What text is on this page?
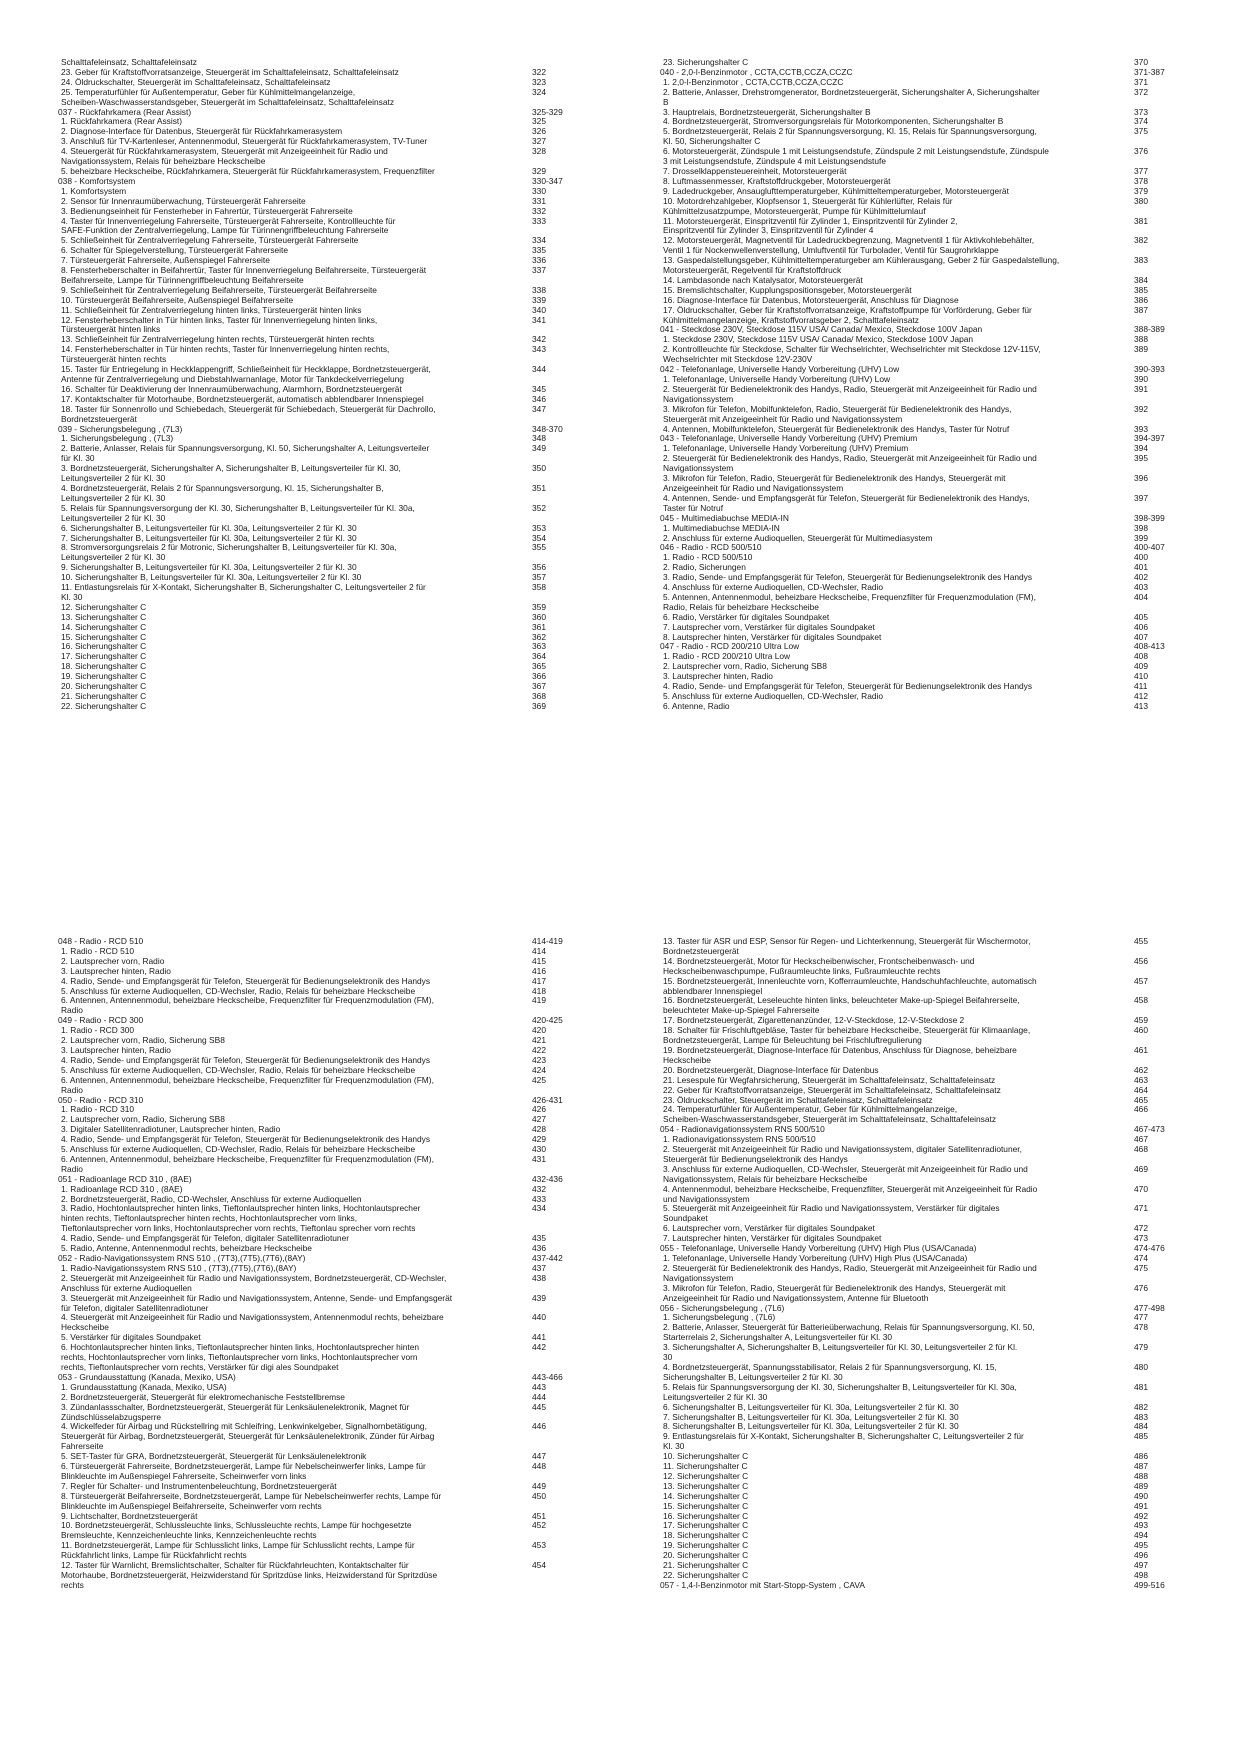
Schalttafeleinsatz, Schalttafeleinsatz
23. Geber für Kraftstoffvorratsanzeige, Steuergerät im Schalttafeleinsatz, Schalttafeleinsatz	322
24. Öldruckschalter, Steuergerät im Schalttafeleinsatz, Schalttafeleinsatz	323
25. Temperaturfühler für Außentemperatur, Geber für Kühlmittelmangelanzeige,	324
Scheiben-Waschwasserstandsgeber, Steuergerät im Schalttafeleinsatz, Schalttafeleinsatz
037 - Rückfahrkamera (Rear Assist)	325-329
1. Rückfahrkamera (Rear Assist)	325
2. Diagnose-Interface für Datenbus, Steuergerät für Rückfahrkamerasystem	326
3. Anschluß für TV-Kartenleser, Antennenmodul, Steuergerät für Rückfahrkamerasystem, TV-Tuner	327
4. Steuergerät für Rückfahrkamerasystem, Steuergerät mit Anzeigeeinheit für Radio und	328
Navigationssystem, Relais für beheizbare Heckscheibe
5. beheizbare Heckscheibe, Rückfahrkamera, Steuergerät für Rückfahrkamerasystem, Frequenzfilter	329
038 - Komfortsystem	330-347
1. Komfortsystem	330
2. Sensor für Innenraumüberwachung, Türsteuergerät Fahrerseite	331
3. Bedienungseinheit für Fensterheber in Fahrertür, Türsteuergerät Fahrerseite	332
4. Taster für Innenverriegelung Fahrerseite, Türsteuergerät Fahrerseite, Kontrollleuchte für	333
SAFE-Funktion der Zentralverriegelung, Lampe für Türinnengriffbeleuchtung Fahrerseite
5. Schließeinheit für Zentralverriegelung Fahrerseite, Türsteuergerät Fahrerseite	334
6. Schalter für Spiegelverstellung, Türsteuergerät Fahrerseite	335
7. Türsteuergerät Fahrerseite, Außenspiegel Fahrerseite	336
8. Fensterheberschalter in Beifahrertür, Taster für Innenverriegelung Beifahrerseite, Türsteuergerät	337
Beifahrerseite, Lampe für Türinnengriffbeleuchtung Beifahrerseite
9. Schließeinheit für Zentralverriegelung Beifahrerseite, Türsteuergerät Beifahrerseite	338
10. Türsteuergerät Beifahrerseite, Außenspiegel Beifahrerseite	339
11. Schließeinheit für Zentralverriegelung hinten links, Türsteuergerät hinten links	340
12. Fensterheberschalter in Tür hinten links, Taster für Innenverriegelung hinten links,	341
Türsteuergerät hinten links
13. Schließeinheit für Zentralverriegelung hinten rechts, Türsteuergerät hinten rechts	342
14. Fensterheberschalter in Tür hinten rechts, Taster für Innenverriegelung hinten rechts,	343
Türsteuergerät hinten rechts
15. Taster für Entriegelung in Heckklappengriff, Schließeinheit für Heckklappe, Bordnetzsteuergerät,	344
Antenne für Zentralverriegelung und Diebstahlwarnanlage, Motor für Tankdeckelverriegelung
16. Schalter für Deaktivierung der Innenraumüberwachung, Alarmhorn, Bordnetzsteuergerät	345
17. Kontaktschalter für Motorhaube, Bordnetzsteuergerät, automatisch abblendbarer Innenspiegel	346
18. Taster für Sonnenrollo und Schiebedach, Steuergerät für Schiebedach, Steuergerät für Dachrollo,	347
Bordnetzsteuergerät
039 - Sicherungsbelegung , (7L3)	348-370
1. Sicherungsbelegung , (7L3)	348
2. Batterie, Anlasser, Relais für Spannungsversorgung, Kl. 50, Sicherungshalter A, Leitungsverteiler	349
für Kl. 30
3. Bordnetzsteuergerät, Sicherungshalter A, Sicherungshalter B, Leitungsverteiler für Kl. 30,	350
Leitungsverteiler 2 für Kl. 30
4. Bordnetzsteuergerät, Relais 2 für Spannungsversorgung, Kl. 15, Sicherungshalter B,	351
Leitungsverteiler 2 für Kl. 30
5. Relais für Spannungsversorgung der Kl. 30, Sicherungshalter B, Leitungsverteiler für Kl. 30a,	352
Leitungsverteiler 2 für Kl. 30
6. Sicherungshalter B, Leitungsverteiler für Kl. 30a, Leitungsverteiler 2 für Kl. 30	353
7. Sicherungshalter B, Leitungsverteiler für Kl. 30a, Leitungsverteiler 2 für Kl. 30	354
8. Stromversorgungsrelais 2 für Motronic, Sicherungshalter B, Leitungsverteiler für Kl. 30a,	355
Leitungsverteiler 2 für Kl. 30
9. Sicherungshalter B, Leitungsverteiler für Kl. 30a, Leitungsverteiler 2 für Kl. 30	356
10. Sicherungshalter B, Leitungsverteiler für Kl. 30a, Leitungsverteiler 2 für Kl. 30	357
11. Entlastungsrelais für X-Kontakt, Sicherungshalter B, Sicherungshalter C, Leitungsverteiler 2 für	358
Kl. 30
12. Sicherungshalter C	359
13. Sicherungshalter C	360
14. Sicherungshalter C	361
15. Sicherungshalter C	362
16. Sicherungshalter C	363
17. Sicherungshalter C	364
18. Sicherungshalter C	365
19. Sicherungshalter C	366
20. Sicherungshalter C	367
21. Sicherungshalter C	368
22. Sicherungshalter C	369
23. Sicherungshalter C	370
040 - 2,0-l-Benzinmotor , CCTA,CCTB,CCZA,CCZC	371-387
1. 2,0-l-Benzinmotor , CCTA,CCTB,CCZA,CCZC	371
2. Batterie, Anlasser, Drehstromgenerator, Bordnetzsteuergerät, Sicherungshalter A, Sicherungshalter	372
B
3. Hauptrelais, Bordnetzsteuergerät, Sicherungshalter B	373
4. Bordnetzsteuergerät, Stromversorgungsrelais für Motorkomponenten, Sicherungshalter B	374
5. Bordnetzsteuergerät, Relais 2 für Spannungsversorgung, Kl. 15, Relais für Spannungsversorgung,	375
Kl. 50, Sicherungshalter C
6. Motorsteuergerät, Zündspule 1 mit Leistungsendstufe, Zündspule 2 mit Leistungsendstufe, Zündspule	376
3 mit Leistungsendstufe, Zündspule 4 mit Leistungsendstufe
7. Drosselklappensteuereinheit, Motorsteuergerät	377
8. Luftmassenmesser, Kraftstoffdruckgeber, Motorsteuergerät	378
9. Ladedruckgeber, Ansauglufttemperaturgeber, Kühlmitteltemperaturgeber, Motorsteuergerät	379
10. Motordrehzahlgeber, Klopfsensor 1, Steuergerät für Kühlerlüfter, Relais für	380
Kühlmittelzusatzpumpe, Motorsteuergerät, Pumpe für Kühlmittelumlauf
11. Motorsteuergerät, Einspritzventil für Zylinder 1, Einspritzventil für Zylinder 2,	381
Einspritzventil für Zylinder 3, Einspritzventil für Zylinder 4
12. Motorsteuergerät, Magnetventil für Ladedruckbegrenzung, Magnetventil 1 für Aktivkohlebehälter,	382
Ventil 1 für Nockenwellenverstellung, Umluftventil für Turbolader, Ventil für Saugrohrklappe
13. Gaspedalstellungsgeber, Kühlmitteltemperaturgeber am Kühlerausgang, Geber 2 für Gaspedalstellung,	383
Motorsteuergerät, Regelventil für Kraftstoffdruck
14. Lambdasonde nach Katalysator, Motorsteuergerät	384
15. Bremslichtschalter, Kupplungspositionsgeber, Motorsteuergerät	385
16. Diagnose-Interface für Datenbus, Motorsteuergerät, Anschluss für Diagnose	386
17. Öldruckschalter, Geber für Kraftstoffvorratsanzeige, Kraftstoffpumpe für Vorförderung, Geber für	387
Kühlmittelmangelanzeige, Kraftstoffvorratsgeber 2, Schalttafeleinsatz
041 - Steckdose 230V, Steckdose 115V USA/ Canada/ Mexico, Steckdose 100V Japan	388-389
1. Steckdose 230V, Steckdose 115V USA/ Canada/ Mexico, Steckdose 100V Japan	388
2. Kontrollleuchte für Steckdose, Schalter für Wechselrichter, Wechselrichter mit Steckdose 12V-115V,	389
Wechselrichter mit Steckdose 12V-230V
042 - Telefonanlage, Universelle Handy Vorbereitung (UHV) Low	390-393
1. Telefonanlage, Universelle Handy Vorbereitung (UHV) Low	390
2. Steuergerät für Bedienelektronik des Handys, Radio, Steuergerät mit Anzeigeeinheit für Radio und	391
Navigationssystem
3. Mikrofon für Telefon, Mobilfunktelefon, Radio, Steuergerät für Bedienelektronik des Handys,	392
Steuergerät mit Anzeigeeinheit für Radio und Navigationssystem
4. Antennen, Mobilfunktelefon, Steuergerät für Bedienelektronik des Handys, Taster für Notruf	393
043 - Telefonanlage, Universelle Handy Vorbereitung (UHV) Premium	394-397
1. Telefonanlage, Universelle Handy Vorbereitung (UHV) Premium	394
2. Steuergerät für Bedienelektronik des Handys, Radio, Steuergerät mit Anzeigeeinheit für Radio und	395
Navigationssystem
3. Mikrofon für Telefon, Radio, Steuergerät für Bedienelektronik des Handys, Steuergerät mit	396
Anzeigeeinheit für Radio und Navigationssystem
4. Antennen, Sende- und Empfangsgerät für Telefon, Steuergerät für Bedienelektronik des Handys,	397
Taster für Notruf
045 - Multimediabuchse MEDIA-IN	398-399
1. Multimediabuchse MEDIA-IN	398
2. Anschluss für externe Audioquellen, Steuergerät für Multimediasystem	399
046 - Radio - RCD 500/510	400-407
1. Radio - RCD 500/510	400
2. Radio, Sicherungen	401
3. Radio, Sende- und Empfangsgerät für Telefon, Steuergerät für Bedienungselektronik des Handys	402
4. Anschluss für externe Audioquellen, CD-Wechsler, Radio	403
5. Antennen, Antennenmodul, beheizbare Heckscheibe, Frequenzfilter für Frequenzmodulation (FM),	404
Radio, Relais für beheizbare Heckscheibe
6. Radio, Verstärker für digitales Soundpaket	405
7. Lautsprecher vorn, Verstärker für digitales Soundpaket	406
8. Lautsprecher hinten, Verstärker für digitales Soundpaket	407
047 - Radio - RCD 200/210 Ultra Low	408-413
1. Radio - RCD 200/210 Ultra Low	408
2. Lautsprecher vorn, Radio, Sicherung SB8	409
3. Lautsprecher hinten, Radio	410
4. Radio, Sende- und Empfangsgerät für Telefon, Steuergerät für Bedienungselektronik des Handys	411
5. Anschluss für externe Audioquellen, CD-Wechsler, Radio	412
6. Antenne, Radio	413
048 - Radio - RCD 510	414-419
1. Radio - RCD 510	414
2. Lautsprecher vorn, Radio	415
3. Lautsprecher hinten, Radio	416
4. Radio, Sende- und Empfangsgerät für Telefon, Steuergerät für Bedienungselektronik des Handys	417
5. Anschluss für externe Audioquellen, CD-Wechsler, Radio, Relais für beheizbare Heckscheibe	418
6. Antennen, Antennenmodul, beheizbare Heckscheibe, Frequenzfilter für Frequenzmodulation (FM),	419
Radio
049 - Radio - RCD 300	420-425
1. Radio - RCD 300	420
2. Lautsprecher vorn, Radio, Sicherung SB8	421
3. Lautsprecher hinten, Radio	422
4. Radio, Sende- und Empfangsgerät für Telefon, Steuergerät für Bedienungselektronik des Handys	423
5. Anschluss für externe Audioquellen, CD-Wechsler, Radio, Relais für beheizbare Heckscheibe	424
6. Antennen, Antennenmodul, beheizbare Heckscheibe, Frequenzfilter für Frequenzmodulation (FM),	425
Radio
050 - Radio - RCD 310	426-431
1. Radio - RCD 310	426
2. Lautsprecher vorn, Radio, Sicherung SB8	427
3. Digitaler Satellitenradiotuner, Lautsprecher hinten, Radio	428
4. Radio, Sende- und Empfangsgerät für Telefon, Steuergerät für Bedienungselektronik des Handys	429
5. Anschluss für externe Audioquellen, CD-Wechsler, Radio, Relais für beheizbare Heckscheibe	430
6. Antennen, Antennenmodul, beheizbare Heckscheibe, Frequenzfilter für Frequenzmodulation (FM),	431
Radio
051 - Radioanlage RCD 310 , (8AE)	432-436
1. Radioanlage RCD 310 , (8AE)	432
2. Bordnetzsteuergerät, Radio, CD-Wechsler, Anschluss für externe Audioquellen	433
3. Radio, Hochtonlautsprecher hinten links, Tieftonlautsprecher hinten links, Hochtonlautsprecher	434
hinten rechts, Tieftonlautsprecher hinten rechts, Hochtonlautsprecher vorn links,
Tieftonlautsprecher vorn links, Hochtonlautsprecher vorn rechts, Tieftonlau sprecher vorn rechts
4. Radio, Sende- und Empfangsgerät für Telefon, digitaler Satellitenradiotuner	435
5. Radio, Antenne, Antennenmodul rechts, beheizbare Heckscheibe	436
052 - Radio-Navigationssystem RNS 510 , (7T3),(7T5),(7T6),(8AY)	437-442
1. Radio-Navigationssystem RNS 510 , (7T3),(7T5),(7T6),(8AY)	437
2. Steuergerät mit Anzeigeeinheit für Radio und Navigationssystem, Bordnetzsteuergerät, CD-Wechsler,	438
Anschluss für externe Audioquellen
3. Steuergerät mit Anzeigeeinheit für Radio und Navigationssystem, Antenne, Sende- und Empfangsgerät	439
für Telefon, digitaler Satellitenradiotuner
4. Steuergerät mit Anzeigeeinheit für Radio und Navigationssystem, Antennenmodul rechts, beheizbare	440
Heckscheibe
5. Verstärker für digitales Soundpaket	441
6. Hochtonlautsprecher hinten links, Tieftonlautsprecher hinten links, Hochtonlautsprecher hinten	442
rechts, Hochtonlautsprecher vorn links, Tieftonlautsprecher vorn links, Hochtonlautsprecher vorn
rechts, Tieftonlautsprecher vorn rechts, Verstärker für digi ales Soundpaket
053 - Grundausstattung (Kanada, Mexiko, USA)	443-466
1. Grundausstattung (Kanada, Mexiko, USA)	443
2. Bordnetzsteuergerät, Steuergerät für elektromechanische Feststellbremse	444
3. Zündanlassschalter, Bordnetzsteuergerät, Steuergerät für Lenksäulenelektronik, Magnet für	445
Zündschlüsselabzugsperre
4. Wickelfeder für Airbag und Rückstellring mit Schleifring, Lenkwinkelgeber, Signalhornbetätigung,	446
Steuergerät für Airbag, Bordnetzsteuergerät, Steuergerät für Lenksäulenelektronik, Zünder für Airbag
Fahrerseite
5. SET-Taster für GRA, Bordnetzsteuergerät, Steuergerät für Lenksäulenelektronik	447
6. Türsteuergerät Fahrerseite, Bordnetzsteuergerät, Lampe für Nebelscheinwerfer links, Lampe für	448
Blinkleuchte im Außenspiegel Fahrerseite, Scheinwerfer vorn links
7. Regler für Schalter- und Instrumentenbeleuchtung, Bordnetzsteuergerät	449
8. Türsteuergerät Beifahrerseite, Bordnetzsteuergerät, Lampe für Nebelscheinwerfer rechts, Lampe für	450
Blinkleuchte im Außenspiegel Beifahrerseite, Scheinwerfer vorn rechts
9. Lichtschalter, Bordnetzsteuergerät	451
10. Bordnetzsteuergerät, Schlussleuchte links, Schlussleuchte rechts, Lampe für hochgesetzte	452
Bremsleuchte, Kennzeichenleuchte links, Kennzeichenleuchte rechts
11. Bordnetzsteuergerät, Lampe für Schlusslicht links, Lampe für Schlusslicht rechts, Lampe für	453
Rückfahrlicht links, Lampe für Rückfahrlicht rechts
12. Taster für Warnlicht, Bremslichtschalter, Schalter für Rückfahrleuchten, Kontaktschalter für	454
Motorhaube, Bordnetzsteuergerät, Heizwiderstand für Spritzdüse links, Heizwiderstand für Spritzdüse
rechts
13. Taster für ASR und ESP, Sensor für Regen- und Lichterkennung, Steuergerät für Wischermotor,	455
Bordnetzsteuergerät
14. Bordnetzsteuergerät, Motor für Heckscheibenwischer, Frontscheibenwasch- und	456
Heckscheibenwaschpumpe, Fußraumleuchte links, Fußraumleuchte rechts
15. Bordnetzsteuergerät, Innenleuchte vorn, Kofferraumleuchte, Handschuhfachleuchte, automatisch	457
abblendbarer Innenspiegel
16. Bordnetzsteuergerät, Leseleuchte hinten links, beleuchteter Make-up-Spiegel Beifahrerseite,	458
beleuchteter Make-up-Spiegel Fahrerseite
17. Bordnetzsteuergerät, Zigarettenanzünder, 12-V-Steckdose, 12-V-Steckdose 2	459
18. Schalter für Frischluftgebläse, Taster für beheizbare Heckscheibe, Steuergerät für Klimaanlage,	460
Bordnetzsteuergerät, Lampe für Beleuchtung bei Frischluftregulierung
19. Bordnetzsteuergerät, Diagnose-Interface für Datenbus, Anschluss für Diagnose, beheizbare	461
Heckscheibe
20. Bordnetzsteuergerät, Diagnose-Interface für Datenbus	462
21. Lesespule für Wegfahrsicherung, Steuergerät im Schalttafeleinsatz, Schalttafeleinsatz	463
22. Geber für Kraftstoffvorratsanzeige, Steuergerät im Schalttafeleinsatz, Schalttafeleinsatz	464
23. Öldruckschalter, Steuergerät im Schalttafeleinsatz, Schalttafeleinsatz	465
24. Temperaturfühler für Außentemperatur, Geber für Kühlmittelmangelanzeige,	466
Scheiben-Waschwasserstandsgeber, Steuergerät im Schalttafeleinsatz, Schalttafeleinsatz
054 - Radionavigationssystem RNS 500/510	467-473
1. Radionavigationssystem RNS 500/510	467
2. Steuergerät mit Anzeigeeinheit für Radio und Navigationssystem, digitaler Satellitenradiotuner,	468
Steuergerät für Bedienungselektronik des Handys
3. Anschluss für externe Audioquellen, CD-Wechsler, Steuergerät mit Anzeigeeinheit für Radio und	469
Navigationssystem, Relais für beheizbare Heckscheibe
4. Antennenmodul, beheizbare Heckscheibe, Frequenzfilter, Steuergerät mit Anzeigeeinheit für Radio	470
und Navigationssystem
5. Steuergerät mit Anzeigeeinheit für Radio und Navigationssystem, Verstärker für digitales	471
Soundpaket
6. Lautsprecher vorn, Verstärker für digitales Soundpaket	472
7. Lautsprecher hinten, Verstärker für digitales Soundpaket	473
055 - Telefonanlage, Universelle Handy Vorbereitung (UHV) High Plus (USA/Canada)	474-476
1. Telefonanlage, Universelle Handy Vorbereitung (UHV) High Plus (USA/Canada)	474
2. Steuergerät für Bedienelektronik des Handys, Radio, Steuergerät mit Anzeigeeinheit für Radio und	475
Navigationssystem
3. Mikrofon für Telefon, Radio, Steuergerät für Bedienelektronik des Handys, Steuergerät mit	476
Anzeigeeinheit für Radio und Navigationssystem, Antenne für Bluetooth
056 - Sicherungsbelegung , (7L6)	477-498
1. Sicherungsbelegung , (7L6)	477
2. Batterie, Anlasser, Steuergerät für Batterieüberwachung, Relais für Spannungsversorgung, Kl. 50,	478
Starterrelais 2, Sicherungshalter A, Leitungsverteiler für Kl. 30
3. Sicherungshalter A, Sicherungshalter B, Leitungsverteiler für Kl. 30, Leitungsverteiler 2 für Kl.	479
30
4. Bordnetzsteuergerät, Spannungsstabilisator, Relais 2 für Spannungsversorgung, Kl. 15,	480
Sicherungshalter B, Leitungsverteiler 2 für Kl. 30
5. Relais für Spannungsversorgung der Kl. 30, Sicherungshalter B, Leitungsverteiler für Kl. 30a,	481
Leitungsverteiler 2 für Kl. 30
6. Sicherungshalter B, Leitungsverteiler für Kl. 30a, Leitungsverteiler 2 für Kl. 30	482
7. Sicherungshalter B, Leitungsverteiler für Kl. 30a, Leitungsverteiler 2 für Kl. 30	483
8. Sicherungshalter B, Leitungsverteiler für Kl. 30a, Leitungsverteiler 2 für Kl. 30	484
9. Entlastungsrelais für X-Kontakt, Sicherungshalter B, Sicherungshalter C, Leitungsverteiler 2 für	485
Kl. 30
10. Sicherungshalter C	486
11. Sicherungshalter C	487
12. Sicherungshalter C	488
13. Sicherungshalter C	489
14. Sicherungshalter C	490
15. Sicherungshalter C	491
16. Sicherungshalter C	492
17. Sicherungshalter C	493
18. Sicherungshalter C	494
19. Sicherungshalter C	495
20. Sicherungshalter C	496
21. Sicherungshalter C	497
22. Sicherungshalter C	498
057 - 1,4-l-Benzinmotor mit Start-Stopp-System , CAVA	499-516
